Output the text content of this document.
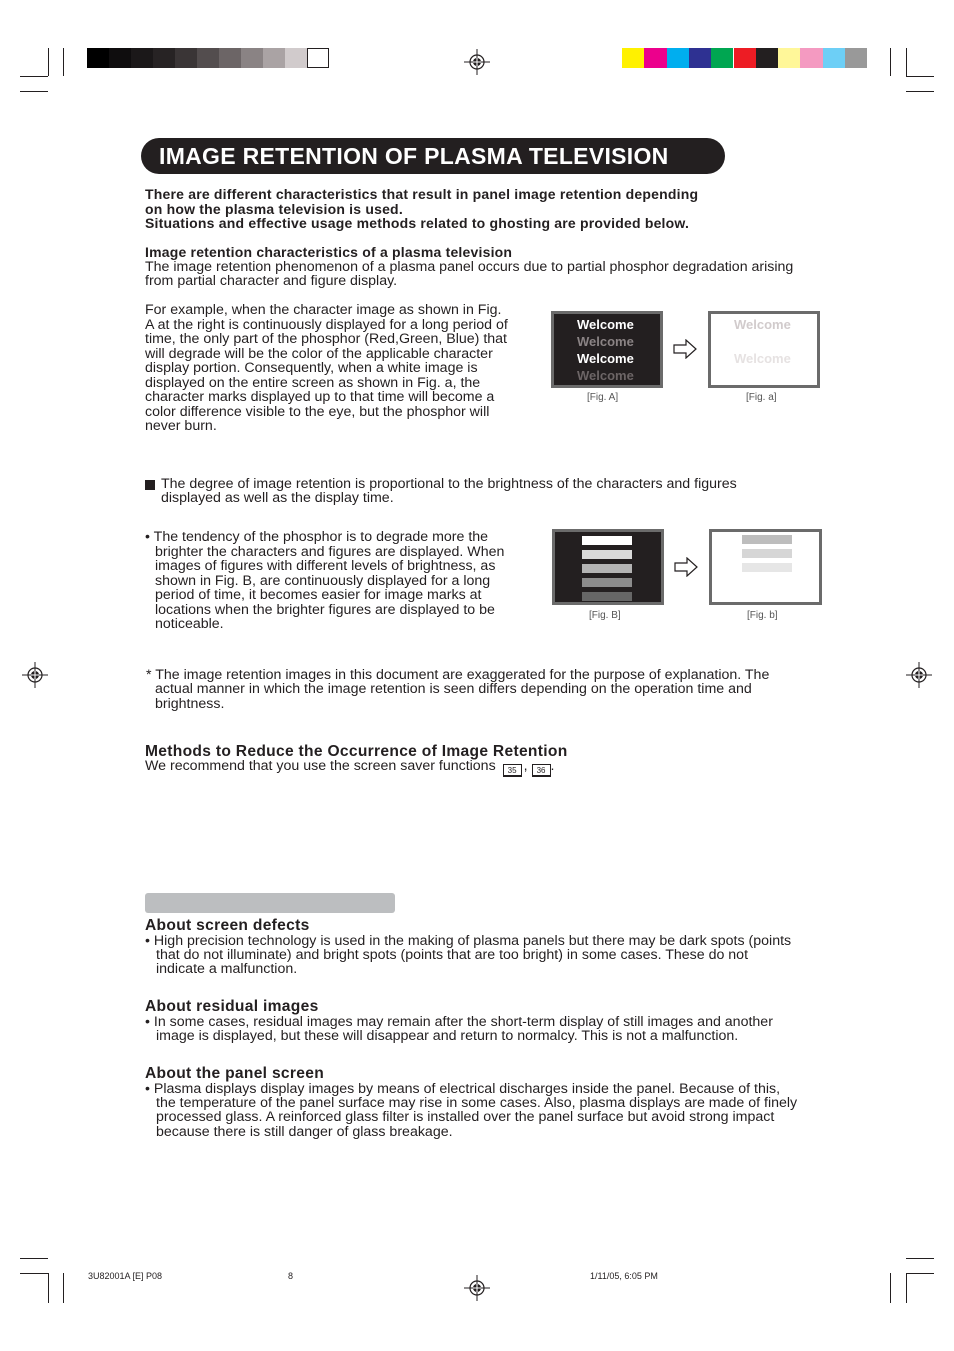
IMAGE RETENTION OF PLASMA TELEVISION
There are different characteristics that result in panel image retention depending
on how the plasma television is used.
Situations and effective usage methods related to ghosting are provided below.
Image retention characteristics of a plasma television
The image retention phenomenon of a plasma panel occurs due to partial phosphor degradation arising
from partial character and figure display.
For example, when the character image as shown in Fig.
A at the right is continuously displayed for a long period of
time, the only part of the phosphor (Red,Green, Blue) that
will degrade will be the color of the applicable character
display portion. Consequently, when a white image is
displayed on the entire screen as shown in Fig. a, the
character marks displayed up to that time will become a
color difference visible to the eye, but the phosphor will
never burn.
Welcome
Welcome
Welcome
Welcome
[Fig. A]
Welcome
Welcome
[Fig. a]
The degree of image retention is proportional to the brightness of the characters and figures
displayed as well as the display time.
• The tendency of the phosphor is to degrade more the
brighter the characters and figures are displayed. When
images of figures with different levels of brightness, as
shown in Fig. B, are continuously displayed for a long
period of time, it becomes easier for image marks at
locations when the brighter figures are displayed to be
noticeable.
[Fig. B]	[Fig. b]
* The image retention images in this document are exaggerated for the purpose of explanation. The
actual manner in which the image retention is seen differs depending on the operation time and
brightness.
Methods to Reduce the Occurrence of Image Retention
We recommend that you use the screen saver functions 35 , 36 .
About screen defects
• High precision technology is used in the making of plasma panels but there may be dark spots (points
that do not illuminate) and bright spots (points that are too bright) in some cases. These do not
indicate a malfunction.
About residual images
• In some cases, residual images may remain after the short-term display of still images and another
image is displayed, but these will disappear and return to normalcy. This is not a malfunction.
About the panel screen
• Plasma displays display images by means of electrical discharges inside the panel. Because of this,
the temperature of the panel surface may rise in some cases. Also, plasma displays are made of finely
processed glass. A reinforced glass filter is installed over the panel surface but avoid strong impact
because there is still danger of glass breakage.
3U82001A [E] P08	8	1/11/05, 6:05 PM
